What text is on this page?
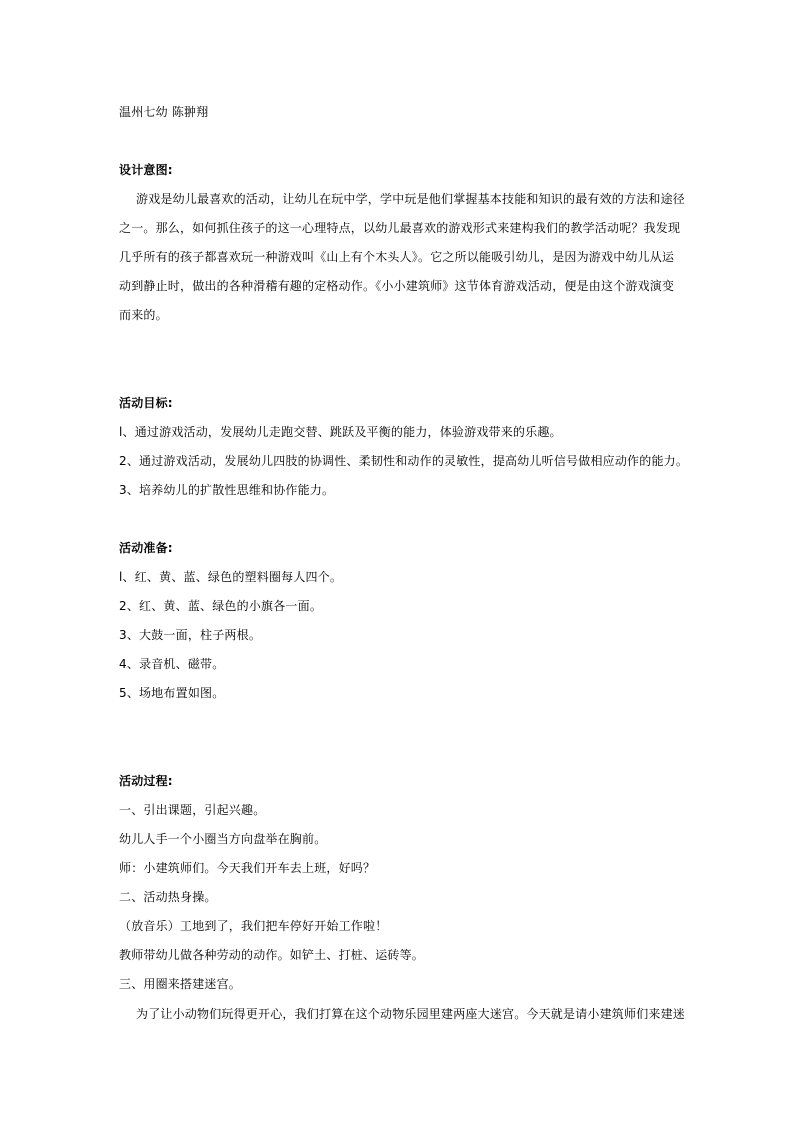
温州七幼 陈翀翔
设计意图:
游戏是幼儿最喜欢的活动，让幼儿在玩中学，学中玩是他们掌握基本技能和知识的最有效的方法和途径
之一。那么，如何抓住孩子的这一心理特点，以幼儿最喜欢的游戏形式来建构我们的教学活动呢？我发现
几乎所有的孩子都喜欢玩一种游戏叫《山上有个木头人》。它之所以能吸引幼儿，是因为游戏中幼儿从运
动到静止时，做出的各种滑稽有趣的定格动作。《小小建筑师》这节体育游戏活动，便是由这个游戏演变
而来的。
活动目标:
l、通过游戏活动，发展幼儿走跑交替、跳跃及平衡的能力，体验游戏带来的乐趣。
2、通过游戏活动，发展幼儿四肢的协调性、柔韧性和动作的灵敏性，提高幼儿听信号做相应动作的能力。
3、培养幼儿的扩散性思维和协作能力。
活动准备:
l、红、黄、蓝、绿色的塑料圈每人四个。
2、红、黄、蓝、绿色的小旗各一面。
3、大鼓一面，柱子两根。
4、录音机、磁带。
5、场地布置如图。
活动过程:
一、引出课题，引起兴趣。
幼儿人手一个小圈当方向盘举在胸前。
师：小建筑师们。今天我们开车去上班，好吗？
二、活动热身操。
（放音乐）工地到了，我们把车停好开始工作啦！
教师带幼儿做各种劳动的动作。如铲土、打桩、运砖等。
三、用圈来搭建迷宫。
为了让小动物们玩得更开心，我们打算在这个动物乐园里建两座大迷宫。今天就是请小建筑师们来建迷
